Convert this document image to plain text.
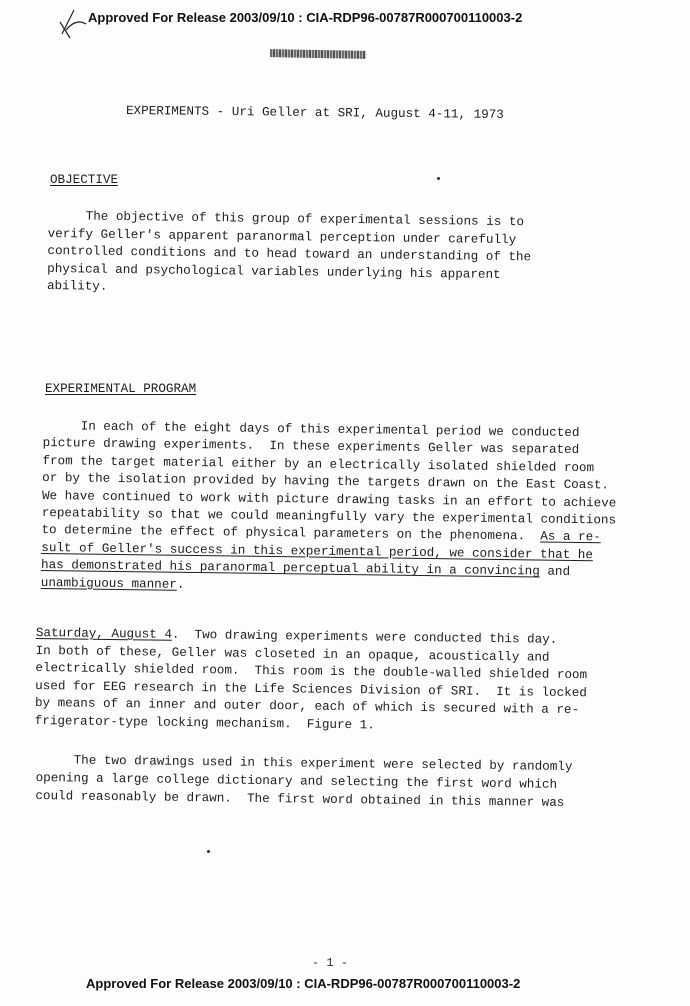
Approved For Release 2003/09/10 : CIA-RDP96-00787R000700110003-2
EXPERIMENTS - Uri Geller at SRI, August 4-11, 1973
OBJECTIVE
The objective of this group of experimental sessions is to
verify Geller's apparent paranormal perception under carefully
controlled conditions and to head toward an understanding of the
physical and psychological variables underlying his apparent
ability.
EXPERIMENTAL PROGRAM
In each of the eight days of this experimental period we conducted
picture drawing experiments.  In these experiments Geller was separated
from the target material either by an electrically isolated shielded room
or by the isolation provided by having the targets drawn on the East Coast.
We have continued to work with picture drawing tasks in an effort to achieve
repeatability so that we could meaningfully vary the experimental conditions
to determine the effect of physical parameters on the phenomena.  As a re-
sult of Geller's success in this experimental period, we consider that he
has demonstrated his paranormal perceptual ability in a convincing and
unambiguous manner.
Saturday, August 4.  Two drawing experiments were conducted this day.
In both of these, Geller was closeted in an opaque, acoustically and
electrically shielded room.  This room is the double-walled shielded room
used for EEG research in the Life Sciences Division of SRI.  It is locked
by means of an inner and outer door, each of which is secured with a re-
frigerator-type locking mechanism.  Figure 1.
The two drawings used in this experiment were selected by randomly
opening a large college dictionary and selecting the first word which
could reasonably be drawn.  The first word obtained in this manner was
- 1 -
Approved For Release 2003/09/10 : CIA-RDP96-00787R000700110003-2
